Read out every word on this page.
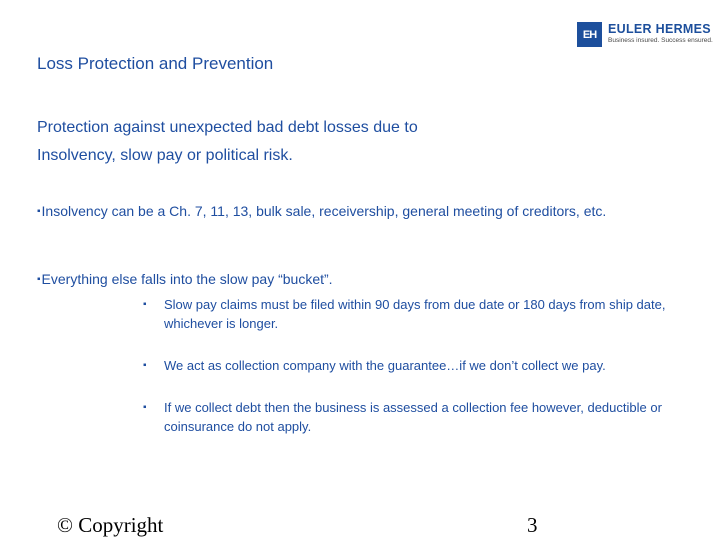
EH EULER HERMES
Business insured. Success ensured.
Loss Protection and Prevention
Protection against unexpected bad debt losses due to
Insolvency, slow pay or political risk.
▪Insolvency can be a Ch. 7, 11, 13, bulk sale, receivership, general meeting of creditors, etc.
▪Everything else falls into the slow pay “bucket”.
▪ Slow pay claims must be filed within 90 days from due date or 180 days from ship date, whichever is longer.
▪ We act as collection company with the guarantee…if we don’t collect we pay.
▪ If we collect debt then the business is assessed a collection fee however, deductible or coinsurance do not apply.
© Copyright	3
